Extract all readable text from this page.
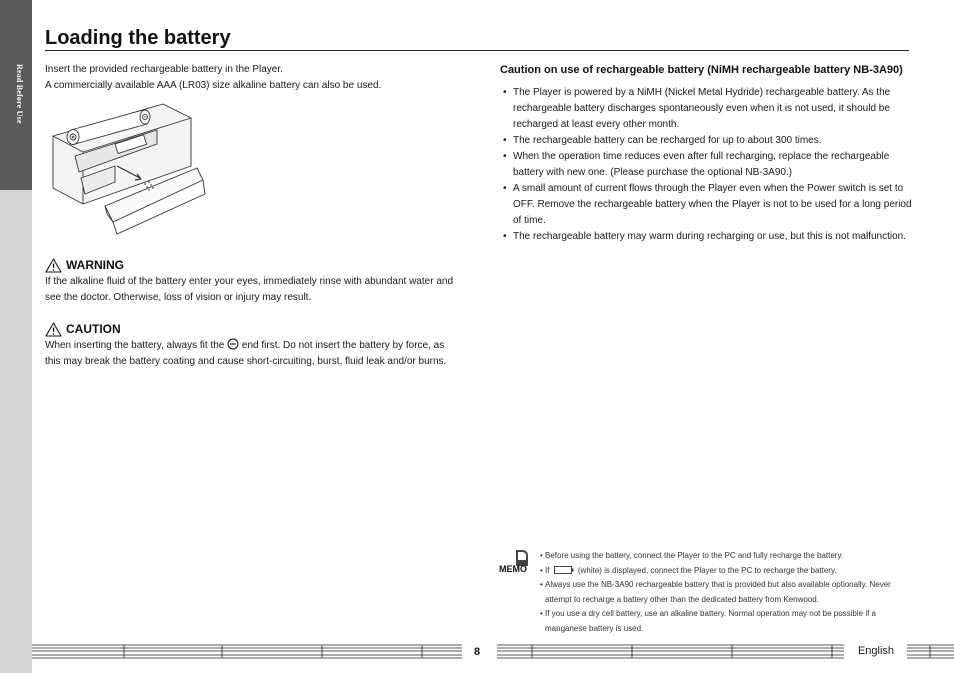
Read Before Use
Loading the battery
Insert the provided rechargeable battery in the Player.
A commercially available AAA (LR03) size alkaline battery can also be used.
WARNING
If the alkaline fluid of the battery enter your eyes, immediately rinse with abundant water and see the doctor. Otherwise, loss of vision or injury may result.
CAUTION

When inserting the battery, always fit the end first. Do not insert the battery by force, as this may break the battery coating and cause short-circuiting, burst, fluid leak and/or burns.

Caution on use of rechargeable battery (NiMH rechargeable battery NB-3A90)
• The Player is powered by a NiMH (Nickel Metal Hydride) rechargeable battery. As the rechargeable battery discharges spontaneously even when it is not used, it should be recharged at least every other month.
• The rechargeable battery can be recharged for up to about 300 times.
• When the operation time reduces even after full recharging, replace the rechargeable battery with new one. (Please purchase the optional NB-3A90.)
• A small amount of current flows through the Player even when the Power switch is set to OFF. Remove the rechargeable battery when the Player is not to be used for a long period of time.
• The rechargeable battery may warm during recharging or use, but this is not malfunction.
MEMO
• Before using the battery, connect the Player to the PC and fully recharge the battery.
• If	(white) is displayed, connect the Player to the PC to recharge the battery.
• Always use the NB-3A90 rechargeable battery that is provided but also available optionally. Never attempt to recharge a battery other than the dedicated battery from Kenwood.
• If you use a dry cell battery, use an alkaline battery. Normal operation may not be possible if a manganese battery is used.
8	English
